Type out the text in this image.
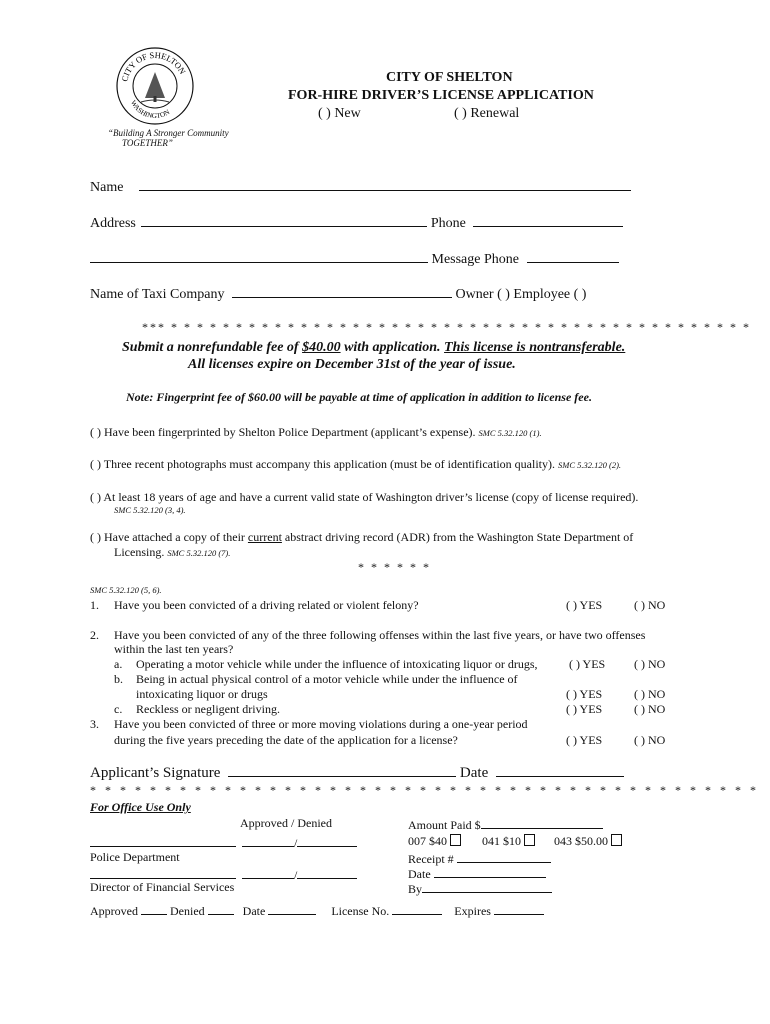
CITY OF SHELTON
WASHINGTON
“Building A Stronger Community
TOGETHER”
CITY OF SHELTON
FOR-HIRE DRIVER’S LICENSE APPLICATION
( ) New	( ) Renewal
Name
Address	Phone
Message Phone
Name of Taxi Company	Owner ( ) Employee ( )
*** * * * * * * * * * * * * * * * * * * * * * * * * * * * * * * * * * * * * * * * * * * * * *
Submit a nonrefundable fee of $40.00 with application. This license is nontransferable.
All licenses expire on December 31st of the year of issue.
Note: Fingerprint fee of $60.00 will be payable at time of application in addition to license fee.
( ) Have been fingerprinted by Shelton Police Department (applicant’s expense). SMC 5.32.120 (1).
( ) Three recent photographs must accompany this application (must be of identification quality). SMC 5.32.120 (2).
( ) At least 18 years of age and have a current valid state of Washington driver’s license (copy of license required).
SMC 5.32.120 (3, 4).
( ) Have attached a copy of their current abstract driving record (ADR) from the Washington State Department of
Licensing. SMC 5.32.120 (7).
* * * * * *
SMC 5.32.120 (5, 6).
1. Have you been convicted of a driving related or violent felony?	( ) YES	( ) NO
2. Have you been convicted of any of the three following offenses within the last five years, or have two offenses
within the last ten years?
a. Operating a motor vehicle while under the influence of intoxicating liquor or drugs,	( ) YES ( ) NO
b. Being in actual physical control of a motor vehicle while under the influence of
intoxicating liquor or drugs	( ) YES	( ) NO
c. Reckless or negligent driving.	( ) YES	( ) NO
3. Have you been convicted of three or more moving violations during a one-year period
during the five years preceding the date of the application for a license?	( ) YES	( ) NO
Applicant’s Signature	Date
* * * * * * * * * * * * * * * * * * * * * * * * * * * * * * * * * * * * * * * * * * * * *
For Office Use Only
Approved / Denied
/
Police Department
/
Director of Financial Services
Amount Paid $
007 $40	041 $10	043 $50.00
Receipt #
Date
By
Approved	Denied	Date	License No.	Expires
